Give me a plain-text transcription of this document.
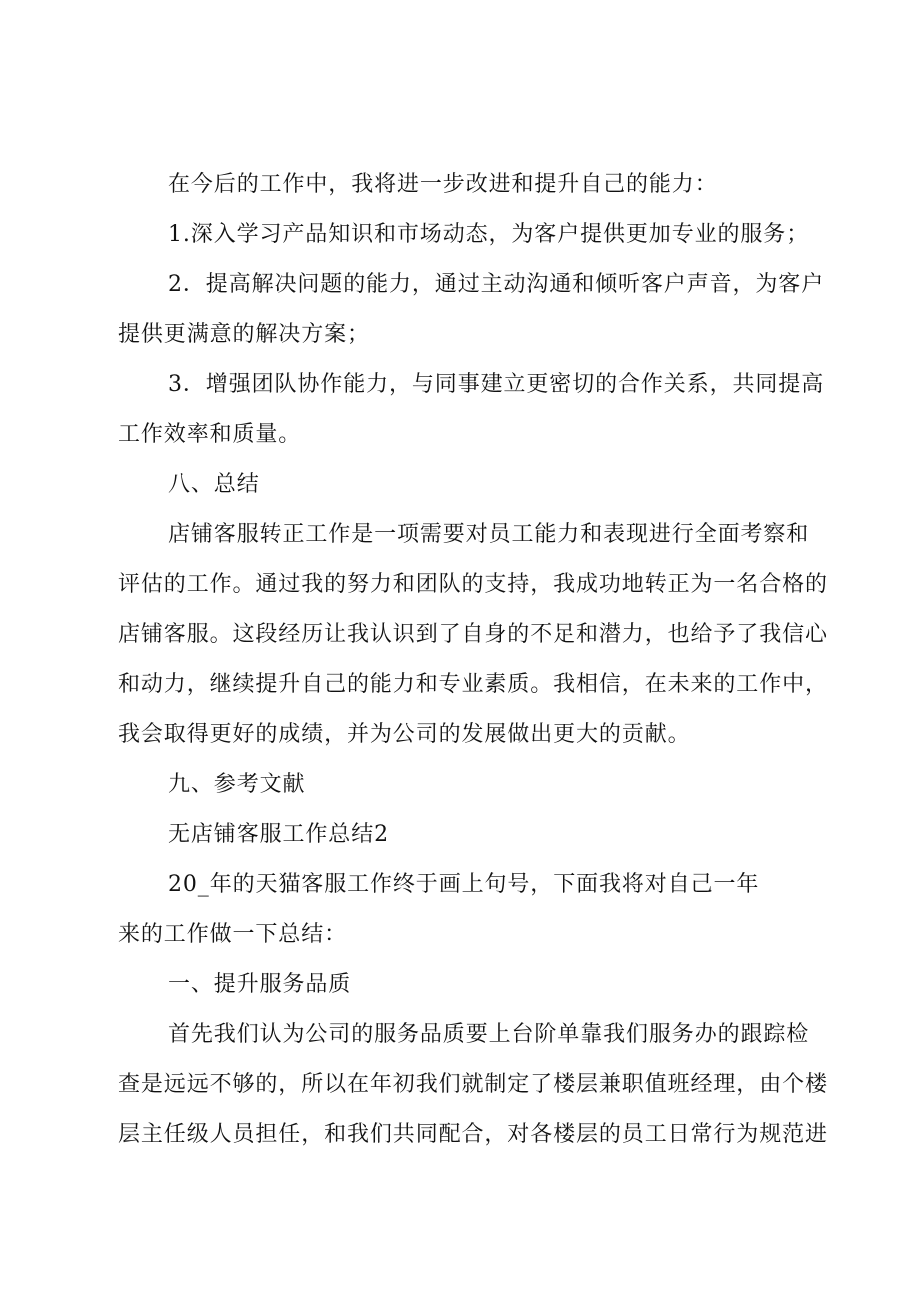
在今后的工作中，我将进一步改进和提升自己的能力：
1.深入学习产品知识和市场动态，为客户提供更加专业的服务；
2．提高解决问题的能力，通过主动沟通和倾听客户声音，为客户
提供更满意的解决方案；
3．增强团队协作能力，与同事建立更密切的合作关系，共同提高
工作效率和质量。
八、总结
店铺客服转正工作是一项需要对员工能力和表现进行全面考察和
评估的工作。通过我的努力和团队的支持，我成功地转正为一名合格的
店铺客服。这段经历让我认识到了自身的不足和潜力，也给予了我信心
和动力，继续提升自己的能力和专业素质。我相信，在未来的工作中，
我会取得更好的成绩，并为公司的发展做出更大的贡献。
九、参考文献
无店铺客服工作总结2
20_年的天猫客服工作终于画上句号，下面我将对自己一年
来的工作做一下总结：
一、提升服务品质
首先我们认为公司的服务品质要上台阶单靠我们服务办的跟踪检
查是远远不够的，所以在年初我们就制定了楼层兼职值班经理，由个楼
层主任级人员担任，和我们共同配合，对各楼层的员工日常行为规范进
